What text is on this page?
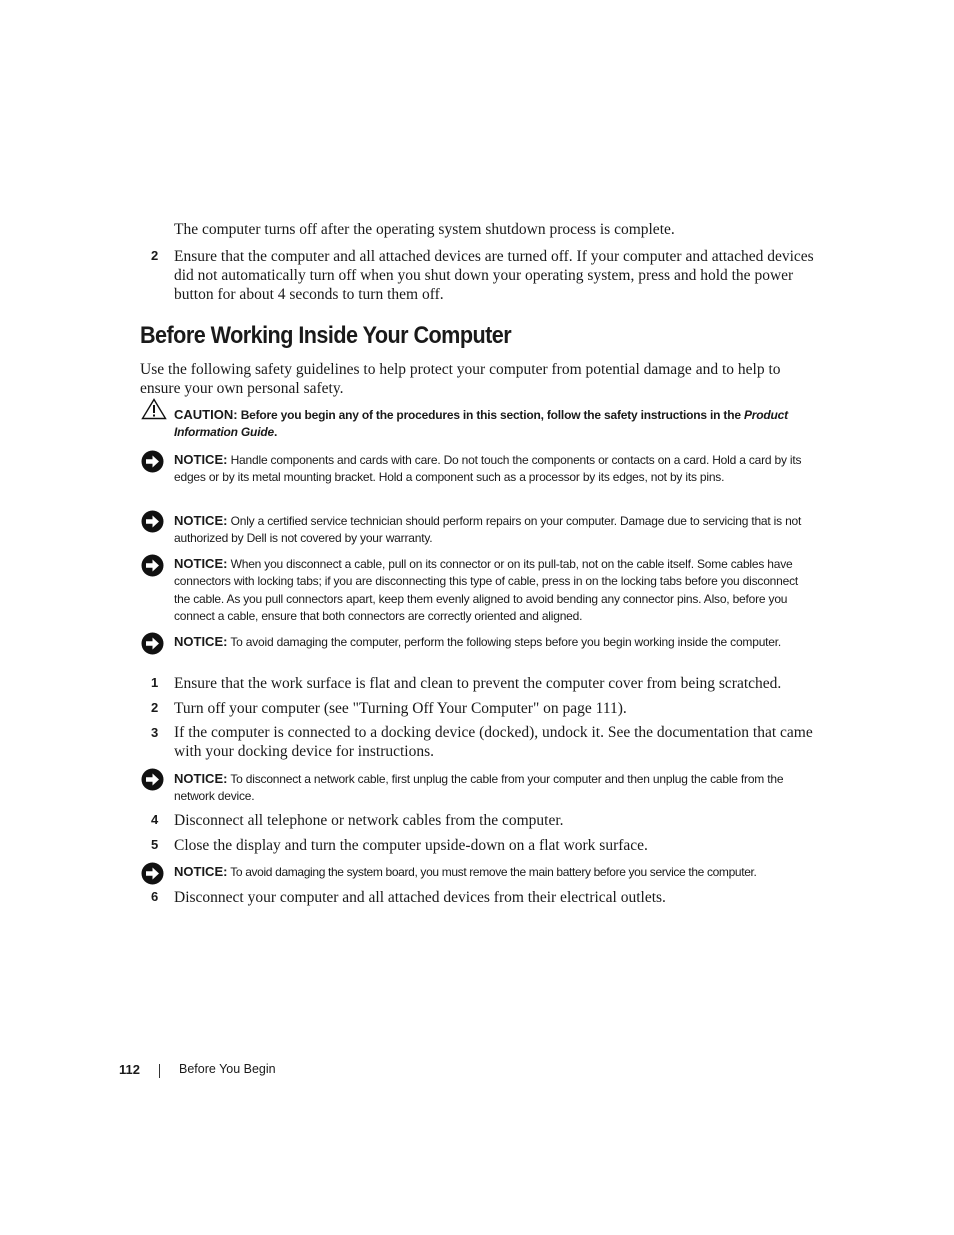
The computer turns off after the operating system shutdown process is complete.
2 Ensure that the computer and all attached devices are turned off. If your computer and attached devices did not automatically turn off when you shut down your operating system, press and hold the power button for about 4 seconds to turn them off.
Before Working Inside Your Computer
Use the following safety guidelines to help protect your computer from potential damage and to help to ensure your own personal safety.
CAUTION: Before you begin any of the procedures in this section, follow the safety instructions in the Product Information Guide.
NOTICE: Handle components and cards with care. Do not touch the components or contacts on a card. Hold a card by its edges or by its metal mounting bracket. Hold a component such as a processor by its edges, not by its pins.
NOTICE: Only a certified service technician should perform repairs on your computer. Damage due to servicing that is not authorized by Dell is not covered by your warranty.
NOTICE: When you disconnect a cable, pull on its connector or on its pull-tab, not on the cable itself. Some cables have connectors with locking tabs; if you are disconnecting this type of cable, press in on the locking tabs before you disconnect the cable. As you pull connectors apart, keep them evenly aligned to avoid bending any connector pins. Also, before you connect a cable, ensure that both connectors are correctly oriented and aligned.
NOTICE: To avoid damaging the computer, perform the following steps before you begin working inside the computer.
1 Ensure that the work surface is flat and clean to prevent the computer cover from being scratched.
2 Turn off your computer (see "Turning Off Your Computer" on page 111).
3 If the computer is connected to a docking device (docked), undock it. See the documentation that came with your docking device for instructions.
NOTICE: To disconnect a network cable, first unplug the cable from your computer and then unplug the cable from the network device.
4 Disconnect all telephone or network cables from the computer.
5 Close the display and turn the computer upside-down on a flat work surface.
NOTICE: To avoid damaging the system board, you must remove the main battery before you service the computer.
6 Disconnect your computer and all attached devices from their electrical outlets.
112	Before You Begin
